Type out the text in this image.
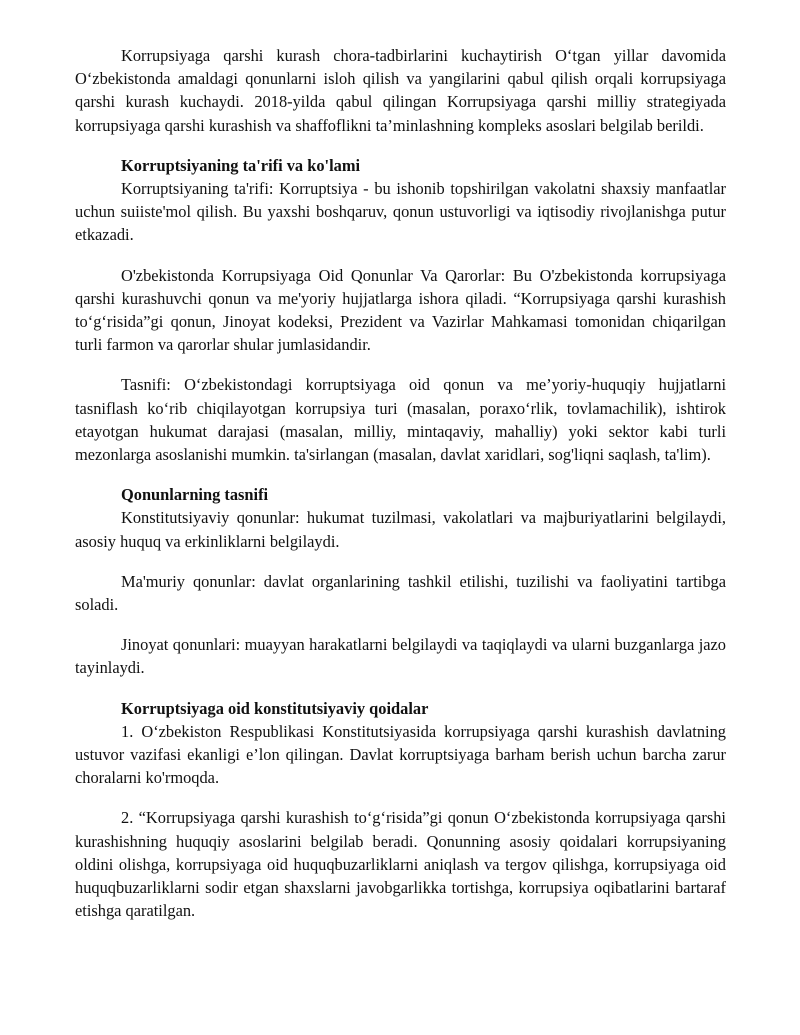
Korrupsiyaga qarshi kurash chora-tadbirlarini kuchaytirish O‘tgan yillar davomida O‘zbekistonda amaldagi qonunlarni isloh qilish va yangilarini qabul qilish orqali korrupsiyaga qarshi kurash kuchaydi. 2018-yilda qabul qilingan Korrupsiyaga qarshi milliy strategiyada korrupsiyaga qarshi kurashish va shaffoflikni ta’minlashning kompleks asoslari belgilab berildi.

Korruptsiyaning ta'rifi va ko'lami

Korruptsiyaning ta'rifi: Korruptsiya - bu ishonib topshirilgan vakolatni shaxsiy manfaatlar uchun suiiste'mol qilish. Bu yaxshi boshqaruv, qonun ustuvorligi va iqtisodiy rivojlanishga putur etkazadi.

O'zbekistonda Korrupsiyaga Oid Qonunlar Va Qarorlar: Bu O'zbekistonda korrupsiyaga qarshi kurashuvchi qonun va me'yoriy hujjatlarga ishora qiladi. “Korrupsiyaga qarshi kurashish to‘g‘risida”gi qonun, Jinoyat kodeksi, Prezident va Vazirlar Mahkamasi tomonidan chiqarilgan turli farmon va qarorlar shular jumlasidandir.

Tasnifi: O‘zbekistondagi korruptsiyaga oid qonun va me’yoriy-huquqiy hujjatlarni tasniflash ko‘rib chiqilayotgan korrupsiya turi (masalan, poraxo‘rlik, tovlamachilik), ishtirok etayotgan hukumat darajasi (masalan, milliy, mintaqaviy, mahalliy) yoki sektor kabi turli mezonlarga asoslanishi mumkin. ta'sirlangan (masalan, davlat xaridlari, sog'liqni saqlash, ta'lim).

Qonunlarning tasnifi

Konstitutsiyaviy qonunlar: hukumat tuzilmasi, vakolatlari va majburiyatlarini belgilaydi, asosiy huquq va erkinliklarni belgilaydi.

Ma'muriy qonunlar: davlat organlarining tashkil etilishi, tuzilishi va faoliyatini tartibga soladi.

Jinoyat qonunlari: muayyan harakatlarni belgilaydi va taqiqlaydi va ularni buzganlarga jazo tayinlaydi.

Korruptsiyaga oid konstitutsiyaviy qoidalar

1. O‘zbekiston Respublikasi Konstitutsiyasida korrupsiyaga qarshi kurashish davlatning ustuvor vazifasi ekanligi e’lon qilingan. Davlat korruptsiyaga barham berish uchun barcha zarur choralarni ko'rmoqda.

2. “Korrupsiyaga qarshi kurashish to‘g‘risida”gi qonun O‘zbekistonda korrupsiyaga qarshi kurashishning huquqiy asoslarini belgilab beradi. Qonunning asosiy qoidalari korrupsiyaning oldini olishga, korrupsiyaga oid huquqbuzarliklarni aniqlash va tergov qilishga, korrupsiyaga oid huquqbuzarliklarni sodir etgan shaxslarni javobgarlikka tortishga, korrupsiya oqibatlarini bartaraf etishga qaratilgan.
